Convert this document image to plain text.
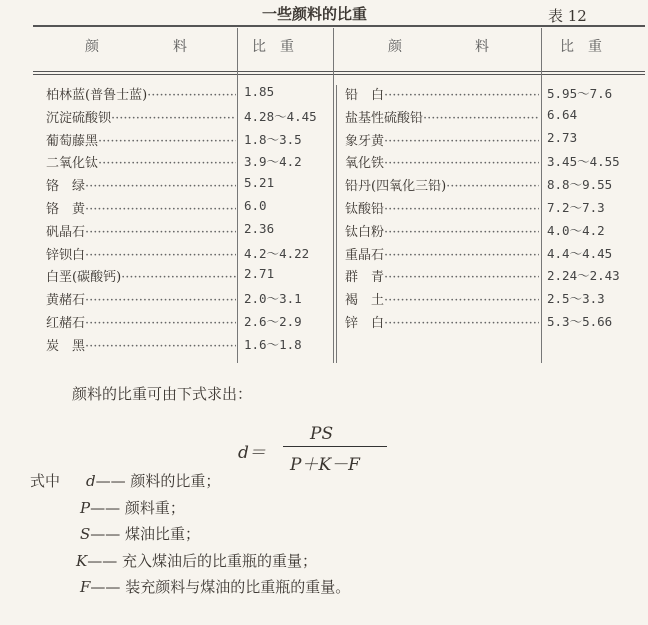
一些颜料的比重	表 12
颜	料	比　重	颜	料	比　重
柏林蓝(普鲁士蓝) ·····	1.85
沉淀硫酸钡 ·····	4.28～4.45
葡萄藤黑 ·····	1.8～3.5
二氧化钛 ·····	3.9～4.2
铬　绿 ·····	5.21
铬　黄 ·····	6.0
矾晶石 ·····	2.36
锌钡白 ·····	4.2～4.22
白垩(碳酸钙) ·····	2.71
黄赭石 ·····	2.0～3.1
红赭石 ·····	2.6～2.9
炭　黑 ·····	1.6～1.8
铅　白 ·····	5.95～7.6
盐基性硫酸铅 ·····	6.64
象牙黄 ·····	2.73
氧化铁 ·····	3.45～4.55
铅丹(四氧化三铅) ·····	8.8～9.55
钛酸铅 ·····	7.2～7.3
钛白粉 ·····	4.0～4.2
重晶石 ·····	4.4～4.45
群　青 ·····	2.24～2.43
褐　土 ·····	2.5～3.3
锌　白 ·····	5.3～5.66
颜料的比重可由下式求出：
d＝
PS
P＋K－F
式中 d—— 颜料的比重；
P—— 颜料重；
S—— 煤油比重；
K—— 充入煤油后的比重瓶的重量；
F—— 装充颜料与煤油的比重瓶的重量。
